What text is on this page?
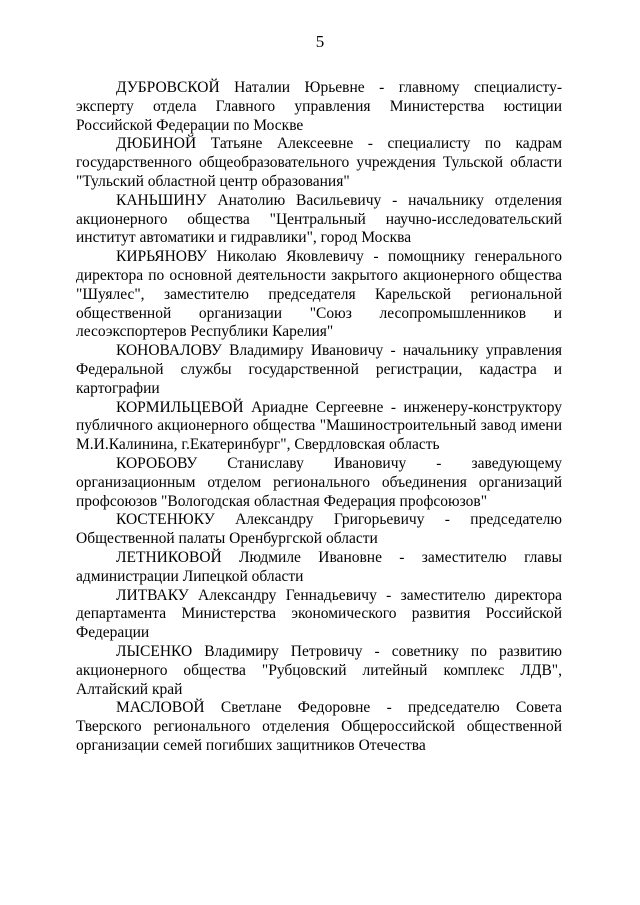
5

ДУБРОВСКОЙ Наталии Юрьевне - главному специалисту-эксперту отдела Главного управления Министерства юстиции Российской Федерации по Москве

ДЮБИНОЙ Татьяне Алексеевне - специалисту по кадрам государственного общеобразовательного учреждения Тульской области "Тульский областной центр образования"

КАНЬШИНУ Анатолию Васильевичу - начальнику отделения акционерного общества "Центральный научно-исследовательский институт автоматики и гидравлики", город Москва

КИРЬЯНОВУ Николаю Яковлевичу - помощнику генерального директора по основной деятельности закрытого акционерного общества "Шуялес", заместителю председателя Карельской региональной общественной организации "Союз лесопромышленников и лесоэкспортеров Республики Карелия"

КОНОВАЛОВУ Владимиру Ивановичу - начальнику управления Федеральной службы государственной регистрации, кадастра и картографии

КОРМИЛЬЦЕВОЙ Ариадне Сергеевне - инженеру-конструктору публичного акционерного общества "Машиностроительный завод имени М.И.Калинина, г.Екатеринбург", Свердловская область

КОРОБОВУ Станиславу Ивановичу - заведующему организационным отделом регионального объединения организаций профсоюзов "Вологодская областная Федерация профсоюзов"

КОСТЕНЮКУ Александру Григорьевичу - председателю Общественной палаты Оренбургской области

ЛЕТНИКОВОЙ Людмиле Ивановне - заместителю главы администрации Липецкой области

ЛИТВАКУ Александру Геннадьевичу - заместителю директора департамента Министерства экономического развития Российской Федерации

ЛЫСЕНКО Владимиру Петровичу - советнику по развитию акционерного общества "Рубцовский литейный комплекс ЛДВ", Алтайский край

МАСЛОВОЙ Светлане Федоровне - председателю Совета Тверского регионального отделения Общероссийской общественной организации семей погибших защитников Отечества
